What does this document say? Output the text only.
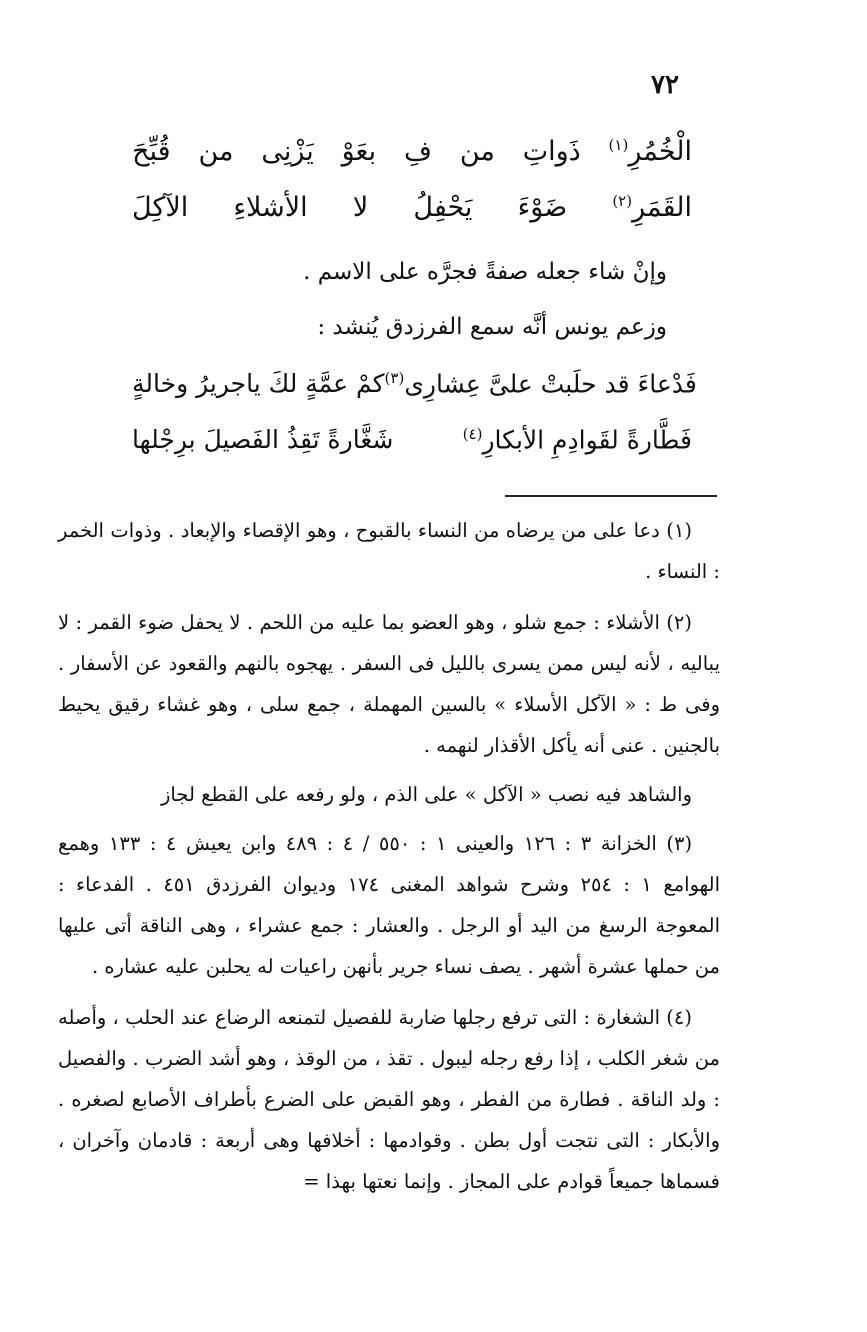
٧٢
قُبِّحَ من يَزْنِى بعَوْ فِ من ذَواتِ	الْخُمُرِ$^{(١)}$
الآكِلَ الأشلاءِ لا يَحْفِلُ ضَوْءَ	القَمَرِ$^{(٢)}$
وإنْ شاء جعله صفةً فجرَّه على الاسم .
وزعم يونس أنَّه سمع الفرزدق يُنشد :
كمْ عمَّةٍ لكَ ياجريرُ وخالةٍ فَدْعاءَ قد حلَبتْ علىَّ عِشارِى$^{(٣)}$
شَغَّارةً تَقِذُ الفَصيلَ برِجْلها	فَطَّارةً لقَوادِمِ الأبكارِ$^{(٤)}$

(١) دعا على من يرضاه من النساء بالقبوح ، وهو الإقصاء والإبعاد . وذوات الخمر : النساء .

(٢) الأشلاء : جمع شلو ، وهو العضو بما عليه من اللحم . لا يحفل ضوء القمر : لا يباليه ، لأنه ليس ممن يسرى بالليل فى السفر . يهجوه بالنهم والقعود عن الأسفار . وفى ط : « الآكل الأسلاء » بالسين المهملة ، جمع سلى ، وهو غشاء رقيق يحيط بالجنين . عنى أنه يأكل الأقذار لنهمه .

والشاهد فيه نصب « الآكل » على الذم ، ولو رفعه على القطع لجاز

(٣) الخزانة ٣ : ١٢٦ والعينى ١ : ٥٥٠ / ٤ : ٤٨٩ وابن يعيش ٤ : ١٣٣ وهمع الهوامع ١ : ٢٥٤ وشرح شواهد المغنى ١٧٤ وديوان الفرزدق ٤٥١ . الفدعاء : المعوجة الرسغ من اليد أو الرجل . والعشار : جمع عشراء ، وهى الناقة أتى عليها من حملها عشرة أشهر . يصف نساء جرير بأنهن راعيات له يحلبن عليه عشاره .

(٤) الشغارة : التى ترفع رجلها ضاربة للفصيل لتمنعه الرضاع عند الحلب ، وأصله من شغر الكلب ، إذا رفع رجله ليبول . تقذ ، من الوقذ ، وهو أشد الضرب . والفصيل : ولد الناقة . فطارة من الفطر ، وهو القبض على الضرع بأطراف الأصابع لصغره . والأبكار : التى نتجت أول بطن . وقوادمها : أخلافها وهى أربعة : قادمان وآخران ، فسماها جميعاً قوادم على المجاز . وإنما نعتها بهذا =
